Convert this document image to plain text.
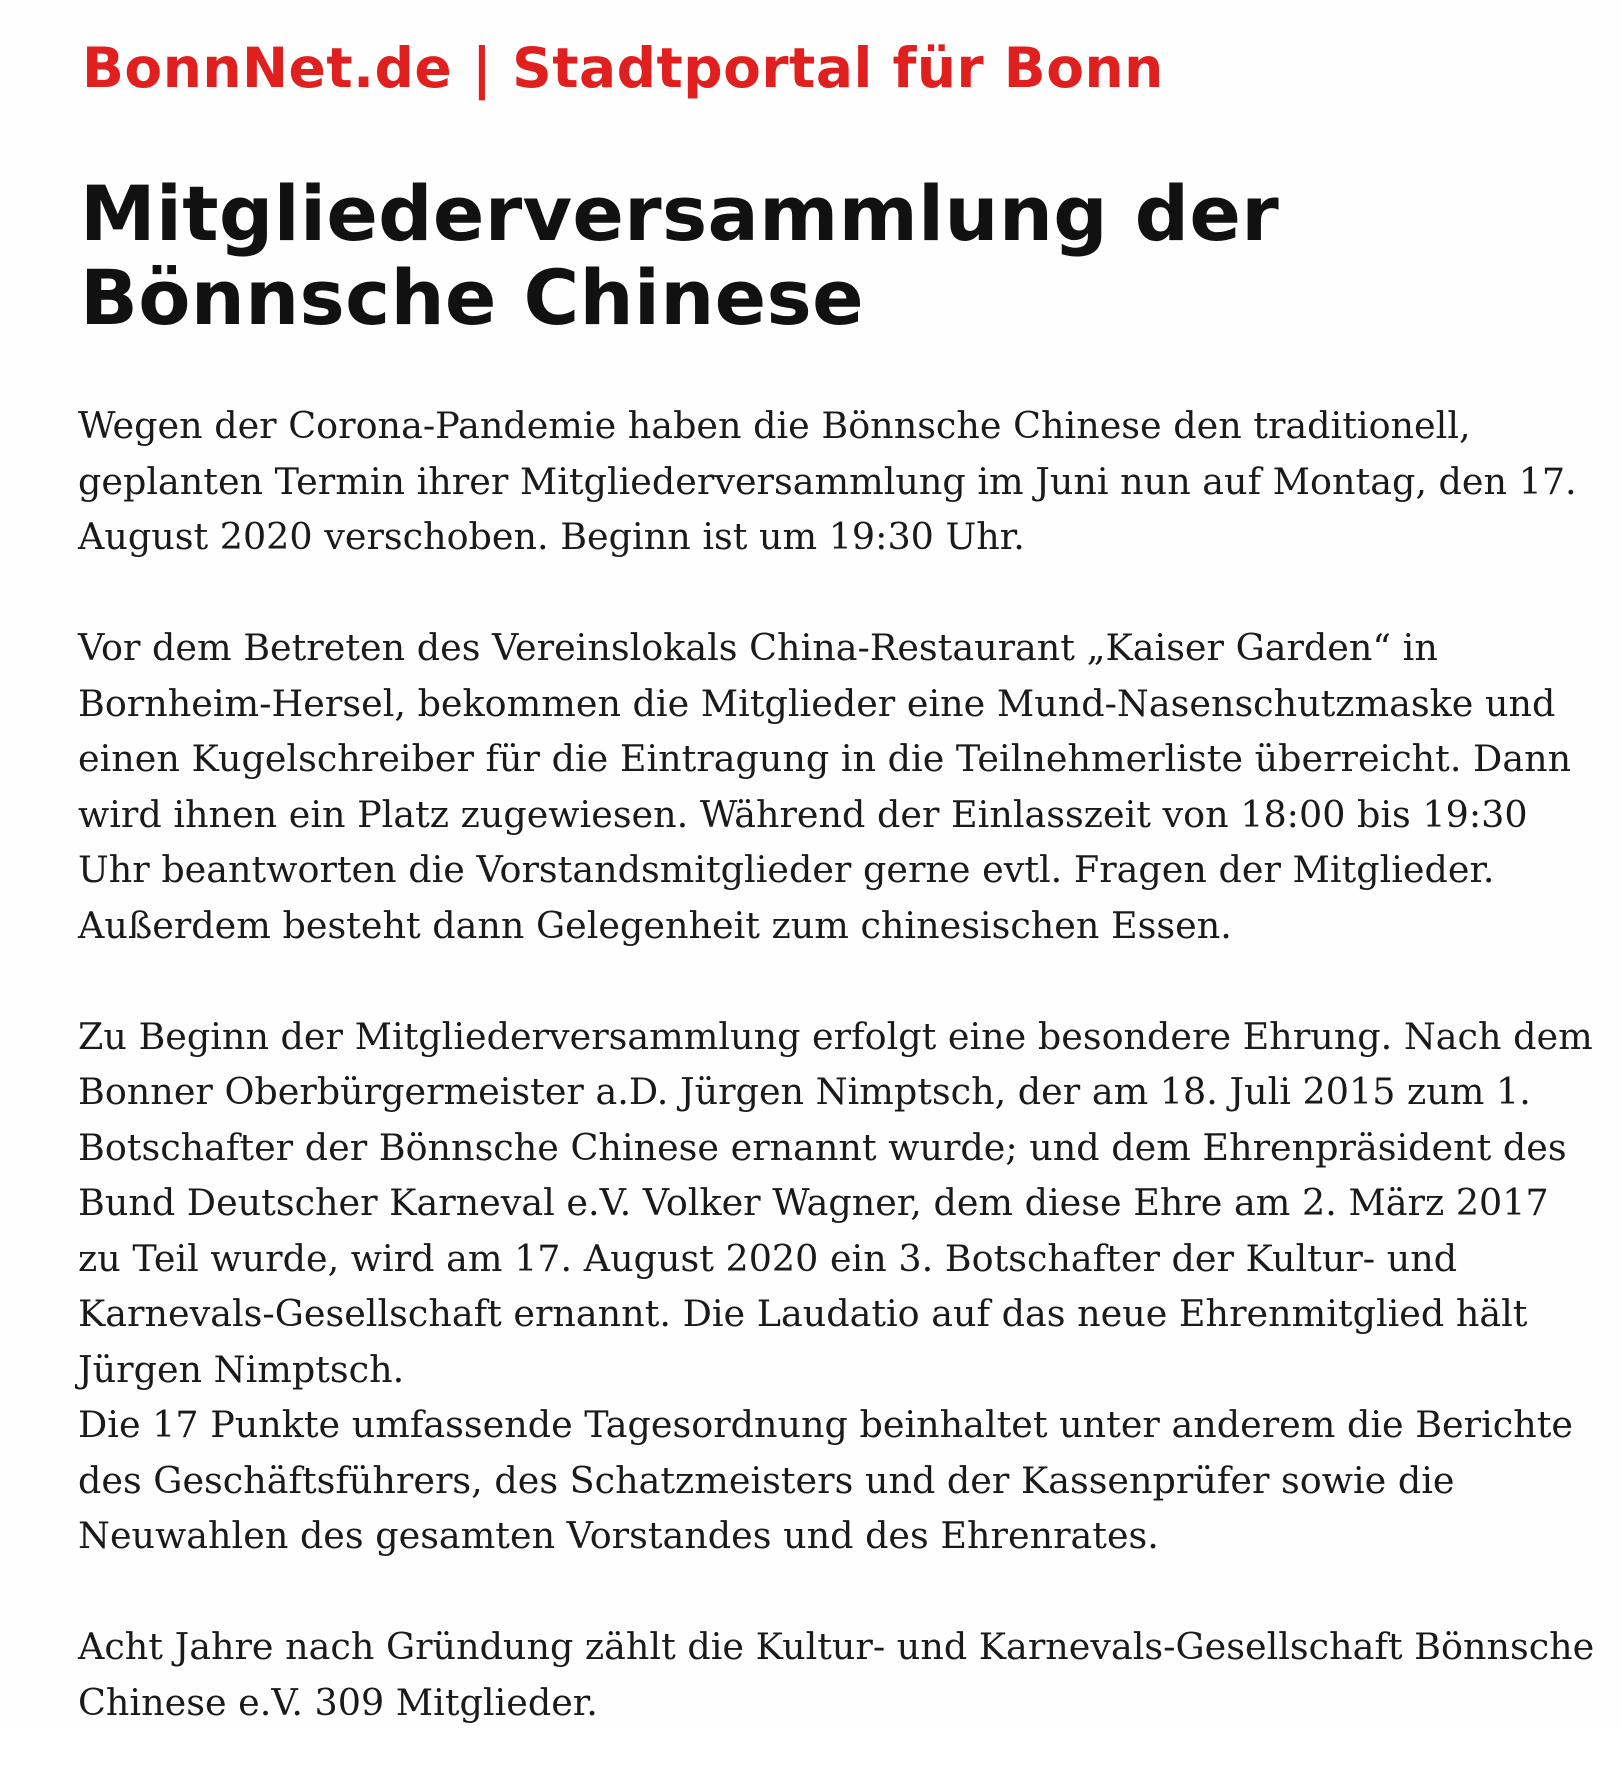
BonnNet.de | Stadtportal für Bonn
Mitgliederversammlung der Bönnsche Chinese

Wegen der Corona-Pandemie haben die Bönnsche Chinese den traditionell, geplanten Termin ihrer Mitgliederversammlung im Juni nun auf Montag, den 17. August 2020 verschoben. Beginn ist um 19:30 Uhr.

Vor dem Betreten des Vereinslokals China-Restaurant „Kaiser Garden“ in Bornheim-Hersel, bekommen die Mitglieder eine Mund-Nasenschutzmaske und einen Kugelschreiber für die Eintragung in die Teilnehmerliste überreicht. Dann wird ihnen ein Platz zugewiesen. Während der Einlasszeit von 18:00 bis 19:30 Uhr beantworten die Vorstandsmitglieder gerne evtl. Fragen der Mitglieder. Außerdem besteht dann Gelegenheit zum chinesischen Essen.

Zu Beginn der Mitgliederversammlung erfolgt eine besondere Ehrung. Nach dem Bonner Oberbürgermeister a.D. Jürgen Nimptsch, der am 18. Juli 2015 zum 1. Botschafter der Bönnsche Chinese ernannt wurde; und dem Ehrenpräsident des Bund Deutscher Karneval e.V. Volker Wagner, dem diese Ehre am 2. März 2017 zu Teil wurde, wird am 17. August 2020 ein 3. Botschafter der Kultur- und Karnevals-Gesellschaft ernannt. Die Laudatio auf das neue Ehrenmitglied hält Jürgen Nimptsch.

Die 17 Punkte umfassende Tagesordnung beinhaltet unter anderem die Berichte des Geschäftsführers, des Schatzmeisters und der Kassenprüfer sowie die Neuwahlen des gesamten Vorstandes und des Ehrenrates.

Acht Jahre nach Gründung zählt die Kultur- und Karnevals-Gesellschaft Bönnsche Chinese e.V. 309 Mitglieder.
